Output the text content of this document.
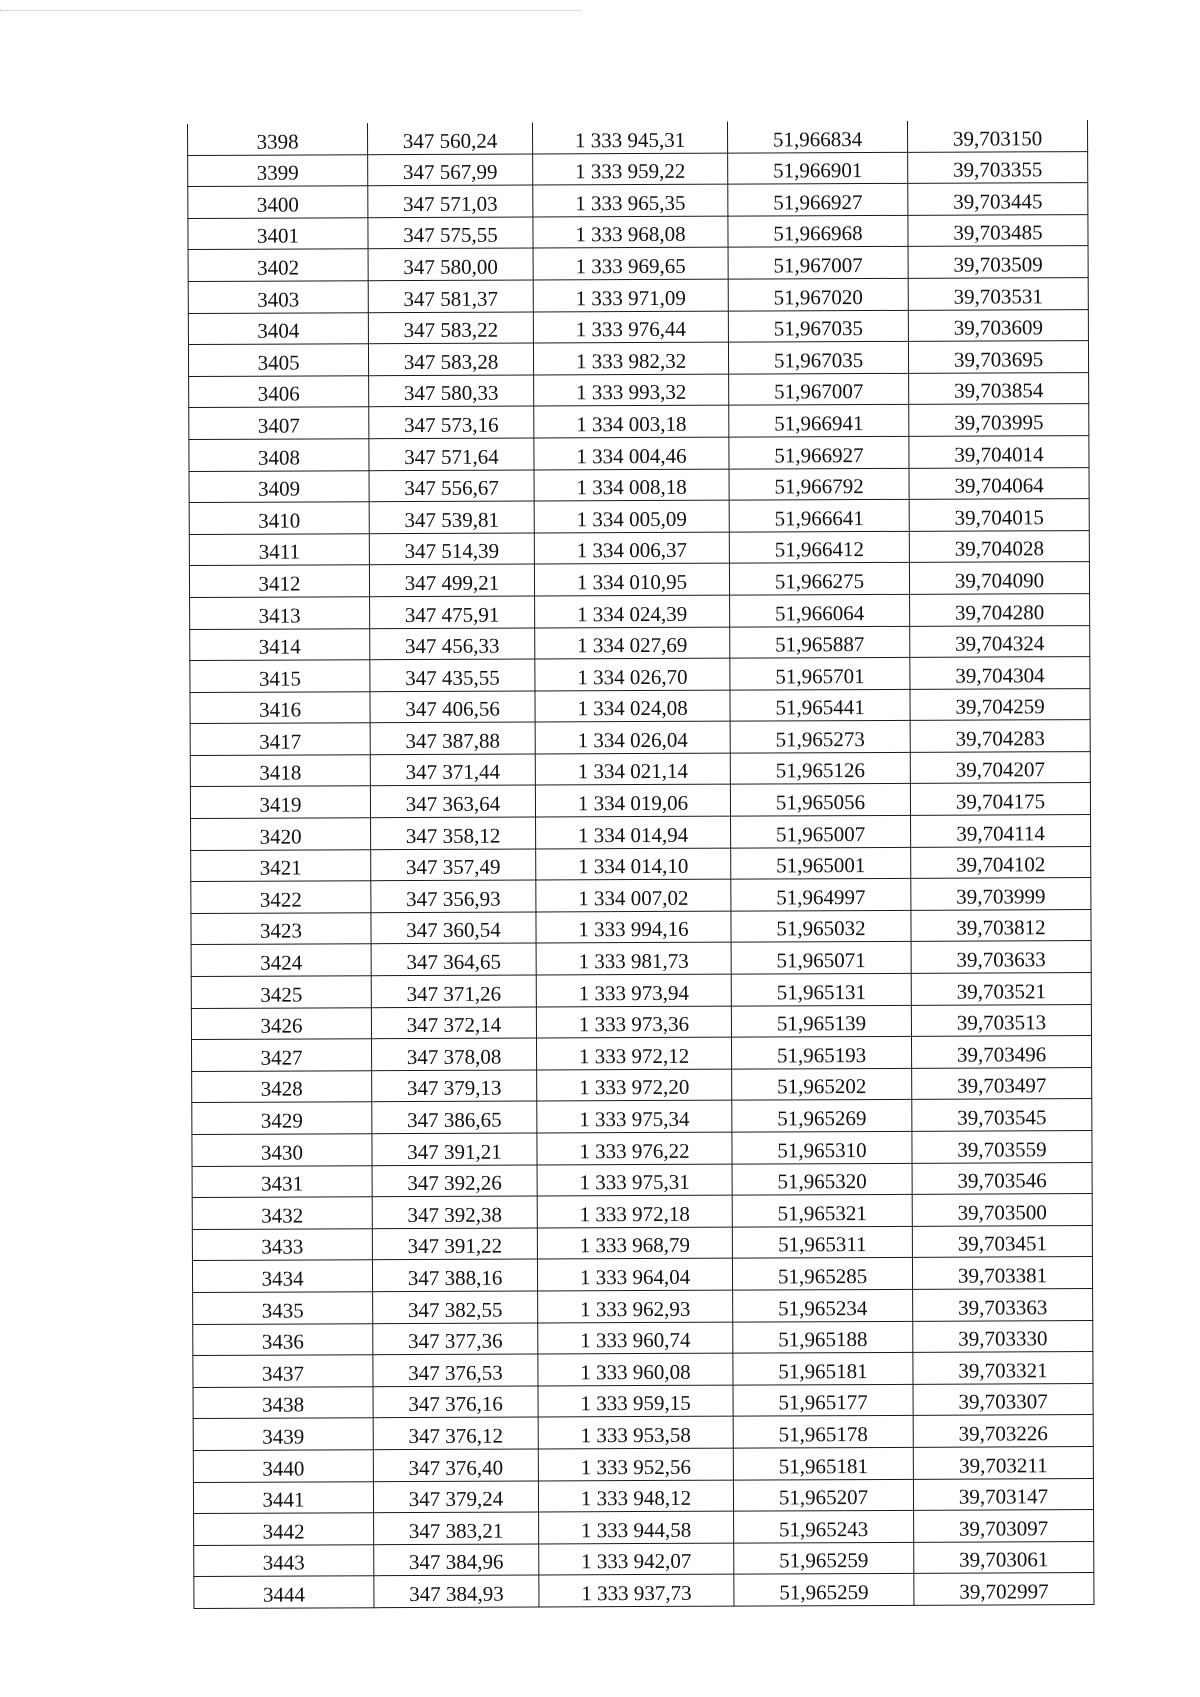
3398	347 560,24	1 333 945,31	51,966834	39,703150
3399	347 567,99	1 333 959,22	51,966901	39,703355
3400	347 571,03	1 333 965,35	51,966927	39,703445
3401	347 575,55	1 333 968,08	51,966968	39,703485
3402	347 580,00	1 333 969,65	51,967007	39,703509
3403	347 581,37	1 333 971,09	51,967020	39,703531
3404	347 583,22	1 333 976,44	51,967035	39,703609
3405	347 583,28	1 333 982,32	51,967035	39,703695
3406	347 580,33	1 333 993,32	51,967007	39,703854
3407	347 573,16	1 334 003,18	51,966941	39,703995
3408	347 571,64	1 334 004,46	51,966927	39,704014
3409	347 556,67	1 334 008,18	51,966792	39,704064
3410	347 539,81	1 334 005,09	51,966641	39,704015
3411	347 514,39	1 334 006,37	51,966412	39,704028
3412	347 499,21	1 334 010,95	51,966275	39,704090
3413	347 475,91	1 334 024,39	51,966064	39,704280
3414	347 456,33	1 334 027,69	51,965887	39,704324
3415	347 435,55	1 334 026,70	51,965701	39,704304
3416	347 406,56	1 334 024,08	51,965441	39,704259
3417	347 387,88	1 334 026,04	51,965273	39,704283
3418	347 371,44	1 334 021,14	51,965126	39,704207
3419	347 363,64	1 334 019,06	51,965056	39,704175
3420	347 358,12	1 334 014,94	51,965007	39,704114
3421	347 357,49	1 334 014,10	51,965001	39,704102
3422	347 356,93	1 334 007,02	51,964997	39,703999
3423	347 360,54	1 333 994,16	51,965032	39,703812
3424	347 364,65	1 333 981,73	51,965071	39,703633
3425	347 371,26	1 333 973,94	51,965131	39,703521
3426	347 372,14	1 333 973,36	51,965139	39,703513
3427	347 378,08	1 333 972,12	51,965193	39,703496
3428	347 379,13	1 333 972,20	51,965202	39,703497
3429	347 386,65	1 333 975,34	51,965269	39,703545
3430	347 391,21	1 333 976,22	51,965310	39,703559
3431	347 392,26	1 333 975,31	51,965320	39,703546
3432	347 392,38	1 333 972,18	51,965321	39,703500
3433	347 391,22	1 333 968,79	51,965311	39,703451
3434	347 388,16	1 333 964,04	51,965285	39,703381
3435	347 382,55	1 333 962,93	51,965234	39,703363
3436	347 377,36	1 333 960,74	51,965188	39,703330
3437	347 376,53	1 333 960,08	51,965181	39,703321
3438	347 376,16	1 333 959,15	51,965177	39,703307
3439	347 376,12	1 333 953,58	51,965178	39,703226
3440	347 376,40	1 333 952,56	51,965181	39,703211
3441	347 379,24	1 333 948,12	51,965207	39,703147
3442	347 383,21	1 333 944,58	51,965243	39,703097
3443	347 384,96	1 333 942,07	51,965259	39,703061
3444	347 384,93	1 333 937,73	51,965259	39,702997
